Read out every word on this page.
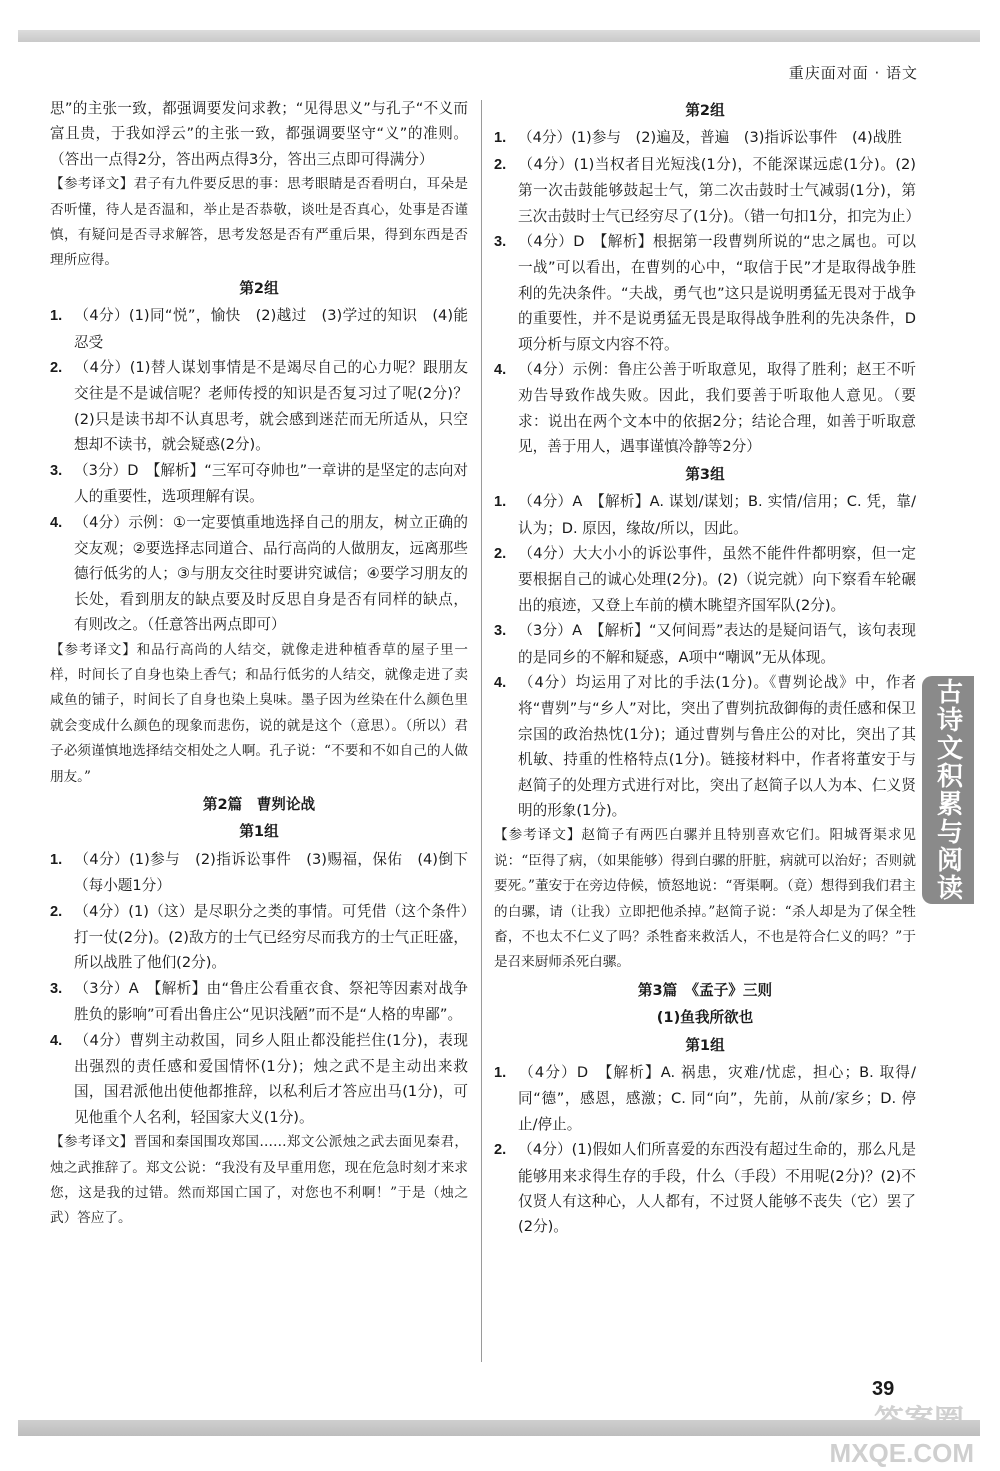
重庆面对面 · 语文

思”的主张一致，都强调要发问求教；“见得思义”与孔子“不义而富且贵，于我如浮云”的主张一致，都强调要坚守“义”的准则。（答出一点得2分，答出两点得3分，答出三点即可得满分）

【参考译文】君子有九件要反思的事：思考眼睛是否看明白，耳朵是否听懂，待人是否温和，举止是否恭敬，谈吐是否真心，处事是否谨慎，有疑问是否寻求解答，思考发怒是否有严重后果，得到东西是否理所应得。

第2组

1. （4分）(1)同“悦”，愉快　(2)越过　(3)学过的知识　(4)能忍受

2. （4分）(1)替人谋划事情是不是竭尽自己的心力呢？跟朋友交往是不是诚信呢？老师传授的知识是否复习过了呢(2分)？(2)只是读书却不认真思考，就会感到迷茫而无所适从，只空想却不读书，就会疑惑(2分)。

3. （3分）D　【解析】“三军可夺帅也”一章讲的是坚定的志向对人的重要性，选项理解有误。

4. （4分）示例：①一定要慎重地选择自己的朋友，树立正确的交友观；②要选择志同道合、品行高尚的人做朋友，远离那些德行低劣的人；③与朋友交往时要讲究诚信；④要学习朋友的长处，看到朋友的缺点要及时反思自身是否有同样的缺点，有则改之。（任意答出两点即可）

【参考译文】和品行高尚的人结交，就像走进种植香草的屋子里一样，时间长了自身也染上香气；和品行低劣的人结交，就像走进了卖咸鱼的铺子，时间长了自身也染上臭味。墨子因为丝染在什么颜色里就会变成什么颜色的现象而悲伤，说的就是这个（意思）。（所以）君子必须谨慎地选择结交相处之人啊。孔子说：“不要和不如自己的人做朋友。”

第2篇　曹刿论战
第1组

1. （4分）(1)参与　(2)指诉讼事件　(3)赐福，保佑　(4)倒下（每小题1分）

2. （4分）(1)（这）是尽职分之类的事情。可凭借（这个条件）打一仗(2分)。(2)敌方的士气已经穷尽而我方的士气正旺盛，所以战胜了他们(2分)。

3. （3分）A　【解析】由“鲁庄公看重衣食、祭祀等因素对战争胜负的影响”可看出鲁庄公“见识浅陋”而不是“人格的卑鄙”。

4. （4分）曹刿主动救国，同乡人阻止都没能拦住(1分)，表现出强烈的责任感和爱国情怀(1分)；烛之武不是主动出来救国，国君派他出使他都推辞，以私利后才答应出马(1分)，可见他重个人名利，轻国家大义(1分)。

【参考译文】晋国和秦国围攻郑国……郑文公派烛之武去面见秦君，烛之武推辞了。郑文公说：“我没有及早重用您，现在危急时刻才来求您，这是我的过错。然而郑国亡国了，对您也不利啊！”于是（烛之武）答应了。

第2组

1. （4分）(1)参与　(2)遍及，普遍　(3)指诉讼事件　(4)战胜

2. （4分）(1)当权者目光短浅(1分)，不能深谋远虑(1分)。(2)第一次击鼓能够鼓起士气，第二次击鼓时士气减弱(1分)，第三次击鼓时士气已经穷尽了(1分)。（错一句扣1分，扣完为止）

3. （4分）D　【解析】根据第一段曹刿所说的“忠之属也。可以一战”可以看出，在曹刿的心中，“取信于民”才是取得战争胜利的先决条件。“夫战，勇气也”这只是说明勇猛无畏对于战争的重要性，并不是说勇猛无畏是取得战争胜利的先决条件，D项分析与原文内容不符。

4. （4分）示例：鲁庄公善于听取意见，取得了胜利；赵王不听劝告导致作战失败。因此，我们要善于听取他人意见。（要求：说出在两个文本中的依据2分；结论合理，如善于听取意见，善于用人，遇事谨慎冷静等2分）

第3组

1. （4分）A　【解析】A. 谋划/谋划；B. 实情/信用；C. 凭，靠/认为；D. 原因，缘故/所以，因此。

2. （4分）大大小小的诉讼事件，虽然不能件件都明察，但一定要根据自己的诚心处理(2分)。(2)（说完就）向下察看车轮碾出的痕迹，又登上车前的横木眺望齐国军队(2分)。

3. （3分）A　【解析】“又何间焉”表达的是疑问语气，该句表现的是同乡的不解和疑惑，A项中“嘲讽”无从体现。

4. （4分）均运用了对比的手法(1分)。《曹刿论战》中，作者将“曹刿”与“乡人”对比，突出了曹刿抗敌御侮的责任感和保卫宗国的政治热忱(1分)；通过曹刿与鲁庄公的对比，突出了其机敏、持重的性格特点(1分)。链接材料中，作者将董安于与赵简子的处理方式进行对比，突出了赵简子以人为本、仁义贤明的形象(1分)。

【参考译文】赵简子有两匹白骡并且特别喜欢它们。阳城胥渠求见说：“臣得了病，（如果能够）得到白骡的肝脏，病就可以治好；否则就要死。”董安于在旁边侍候，愤怒地说：“胥渠啊。（竟）想得到我们君主的白骡，请（让我）立即把他杀掉。”赵简子说：“杀人却是为了保全牲畜，不也太不仁义了吗？杀牲畜来救活人，不也是符合仁义的吗？”于是召来厨师杀死白骡。

第3篇　《孟子》三则
(1)鱼我所欲也
第1组

1. （4分）D　【解析】A. 祸患，灾难/忧虑，担心；B. 取得/同“德”，感恩，感激；C. 同“向”，先前，从前/家乡；D. 停止/停止。

2. （4分）(1)假如人们所喜爱的东西没有超过生命的，那么凡是能够用来求得生存的手段，什么（手段）不用呢(2分)？(2)不仅贤人有这种心，人人都有，不过贤人能够不丧失（它）罢了(2分)。

古诗文积累与阅读
39
MXQE.COM
